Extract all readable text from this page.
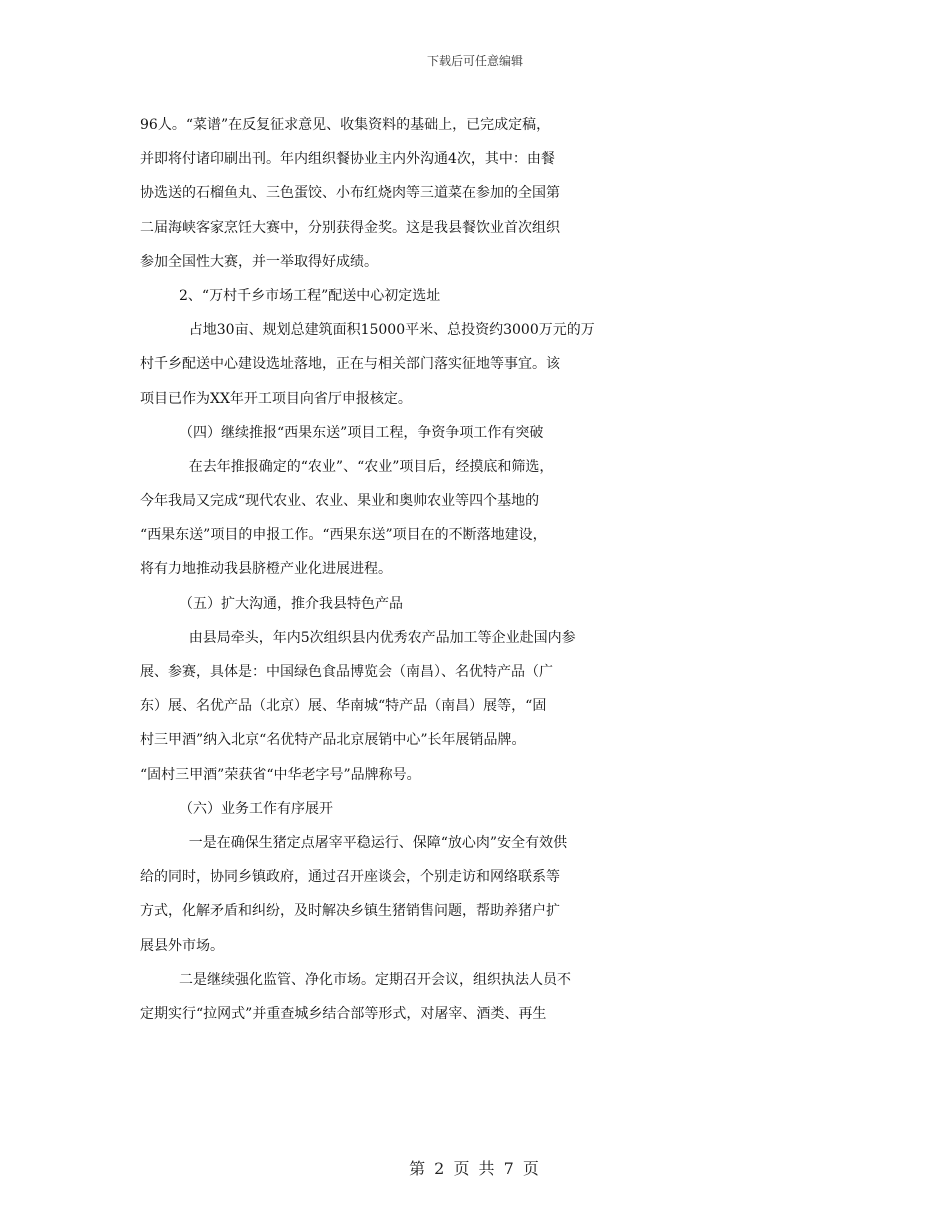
下载后可任意编辑
96人。“菜谱”在反复征求意见、收集资料的基础上，已完成定稿，
并即将付诸印刷出刊。年内组织餐协业主内外沟通4次，其中：由餐
协选送的石榴鱼丸、三色蛋饺、小布红烧肉等三道菜在参加的全国第
二届海峡客家烹饪大赛中，分别获得金奖。这是我县餐饮业首次组织
参加全国性大赛，并一举取得好成绩。
2、“万村千乡市场工程”配送中心初定选址
占地30亩、规划总建筑面积15000平米、总投资约3000万元的万
村千乡配送中心建设选址落地，正在与相关部门落实征地等事宜。该
项目已作为XX年开工项目向省厅申报核定。
（四）继续推报“西果东送”项目工程，争资争项工作有突破
在去年推报确定的“农业”、“农业”项目后，经摸底和筛选，
今年我局又完成“现代农业、农业、果业和奥帅农业等四个基地的
“西果东送”项目的申报工作。“西果东送”项目在的不断落地建设，
将有力地推动我县脐橙产业化进展进程。
（五）扩大沟通，推介我县特色产品
由县局牵头，年内5次组织县内优秀农产品加工等企业赴国内参
展、参赛，具体是：中国绿色食品博览会（南昌）、名优特产品（广
东）展、名优产品（北京）展、华南城“特产品（南昌）展等，“固
村三甲酒”纳入北京“名优特产品北京展销中心”长年展销品牌。
“固村三甲酒”荣获省“中华老字号”品牌称号。
（六）业务工作有序展开
一是在确保生猪定点屠宰平稳运行、保障“放心肉”安全有效供
给的同时，协同乡镇政府，通过召开座谈会，个别走访和网络联系等
方式，化解矛盾和纠纷，及时解决乡镇生猪销售问题，帮助养猪户扩
展县外市场。
二是继续强化监管、净化市场。定期召开会议，组织执法人员不
定期实行“拉网式”并重查城乡结合部等形式，对屠宰、酒类、再生
第 2 页 共 7 页
